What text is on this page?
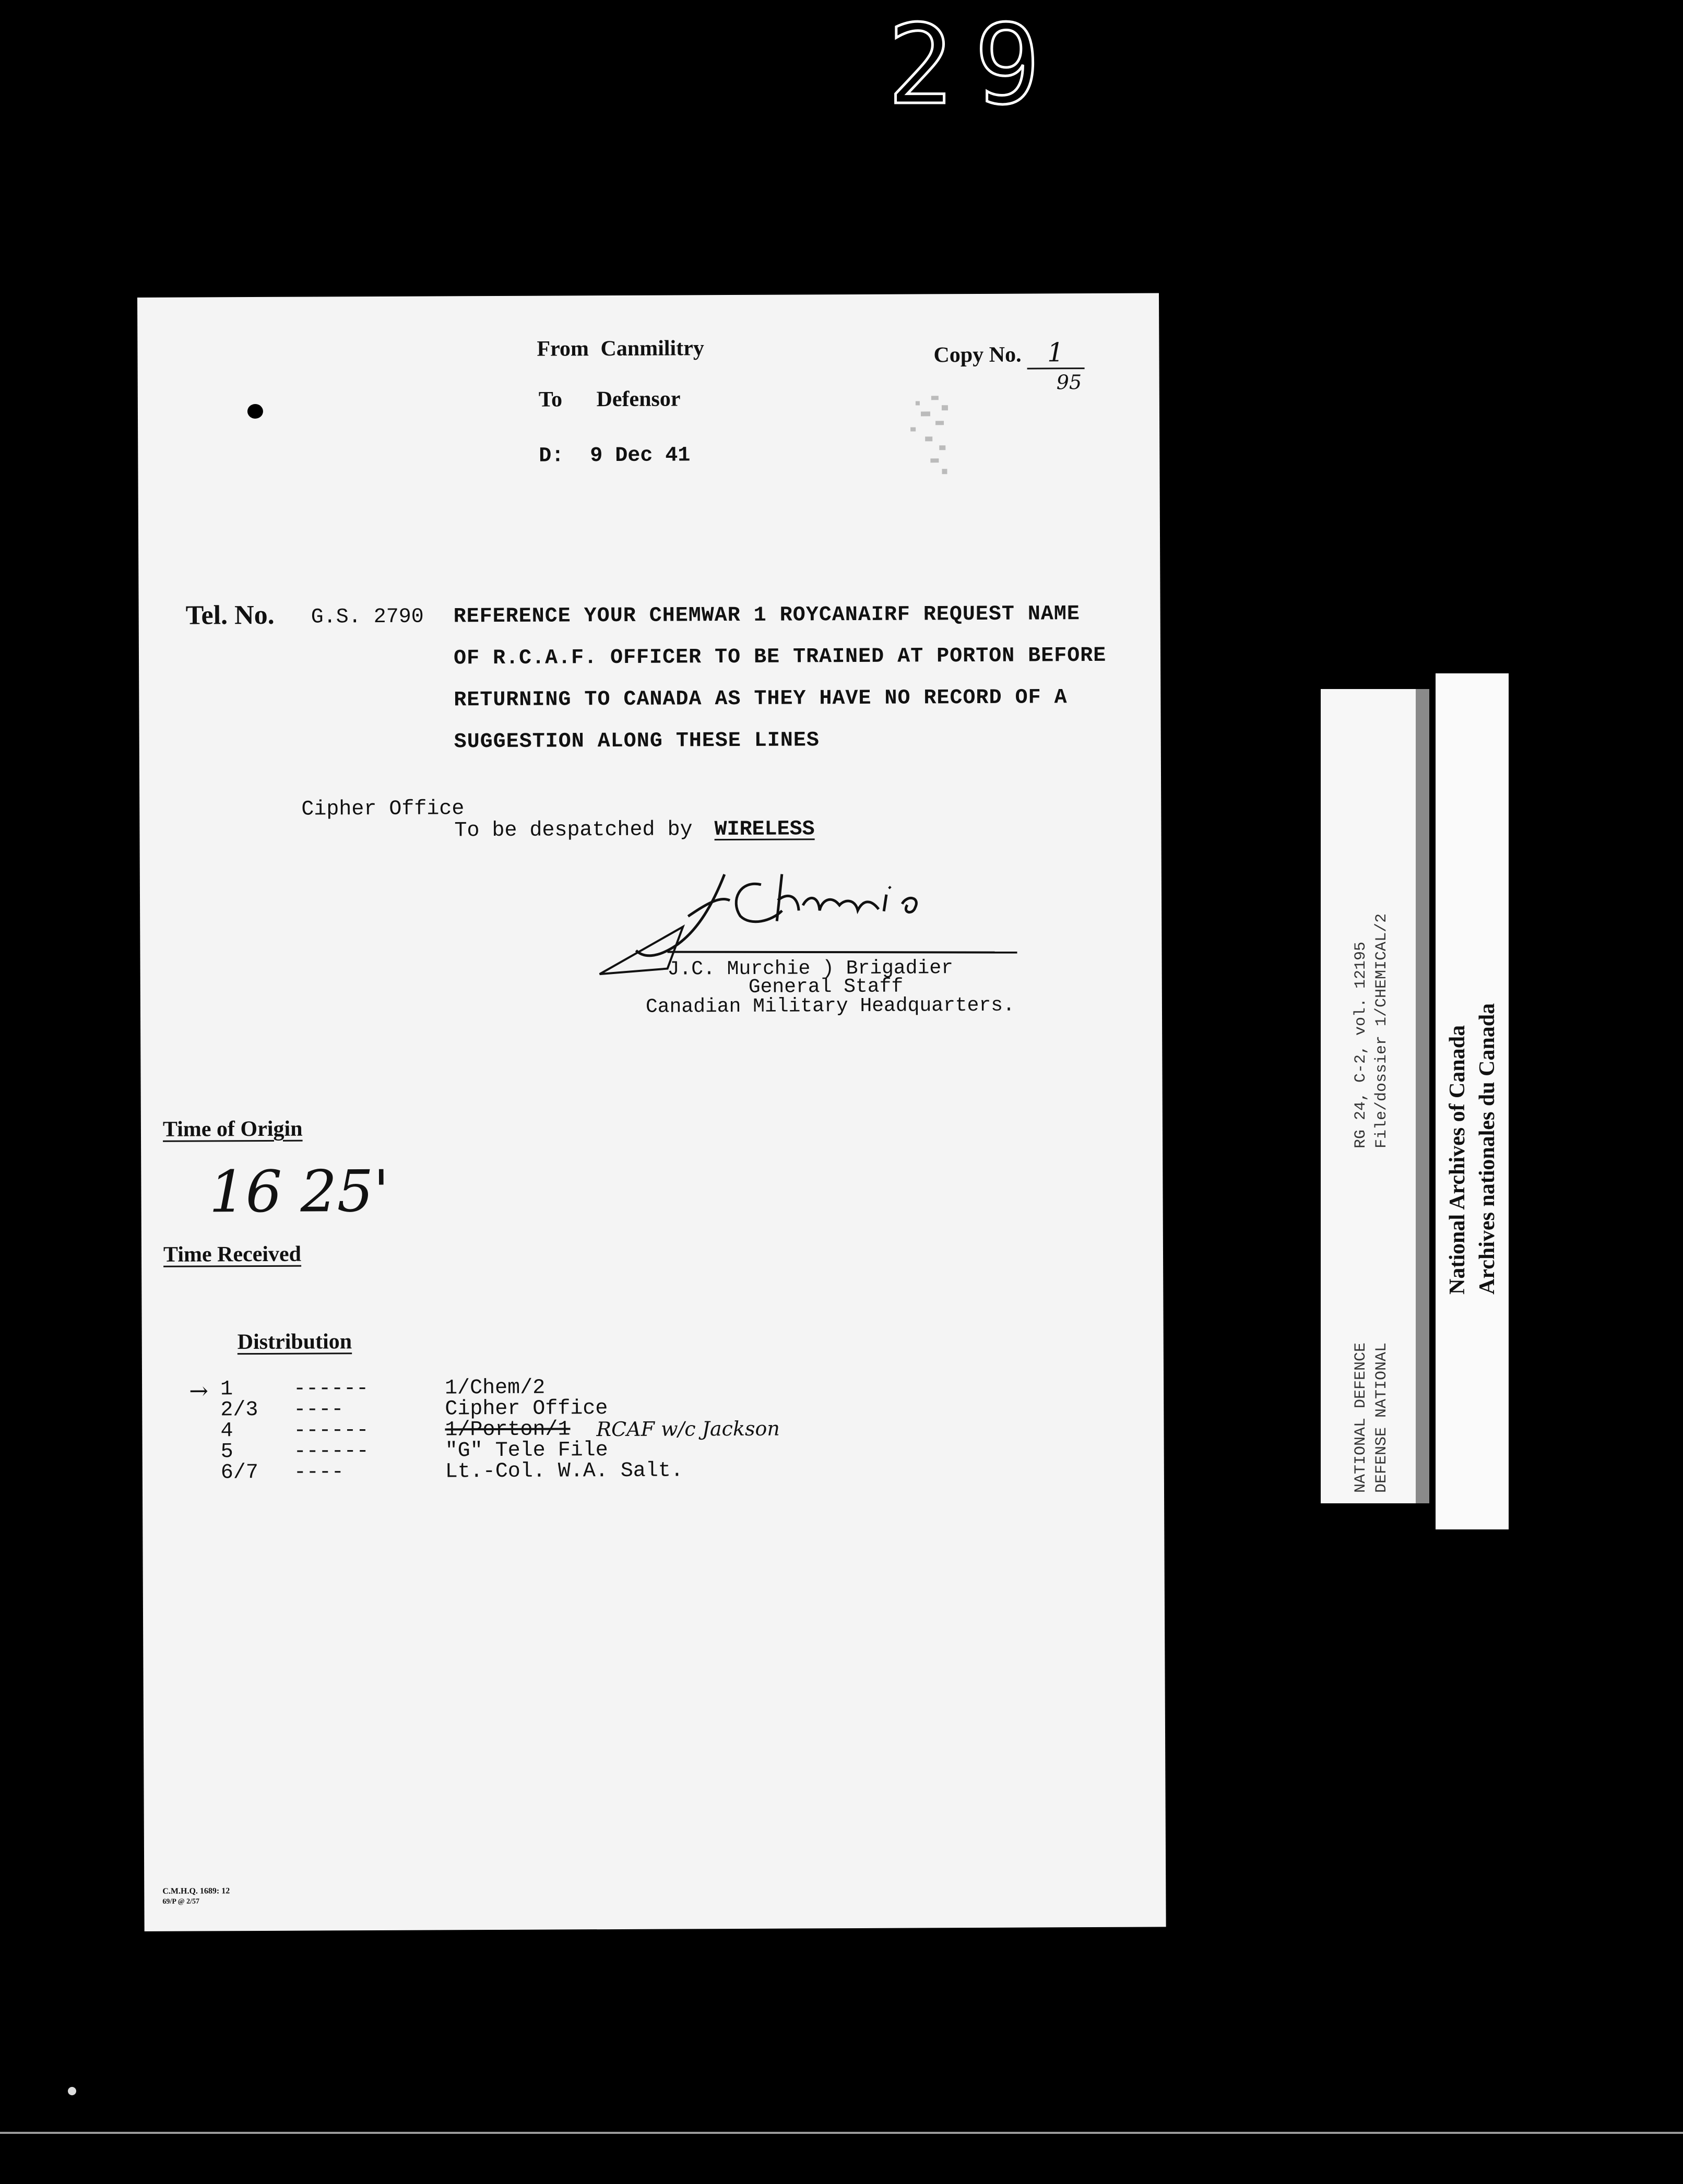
29
From Canmilitry
To Defensor
D: 9 Dec 41
Copy No. 1
95
Tel. No. G.S. 2790 REFERENCE YOUR CHEMWAR 1 ROYCANAIRF REQUEST NAME
OF R.C.A.F. OFFICER TO BE TRAINED AT PORTON BEFORE
RETURNING TO CANADA AS THEY HAVE NO RECORD OF A
SUGGESTION ALONG THESE LINES
Cipher Office
To be despatched by WIRELESS
J.C. Murchie ) Brigadier
General Staff
Canadian Military Headquarters.
Time of Origin
16 25'
Time Received
Distribution
→ 1	------	1/Chem/2
2/3 ----	Cipher Office
4	------	1/Porton/1 RCAF w/c Jackson
5	------	"G" Tele File
6/7 ----	Lt.-Col. W.A. Salt.
C.M.H.Q. 1689: 12
69/P @ 2/57
RG 24, C-2, vol. 12195 File/dossier 1/CHEMICAL/2
NATIONAL DEFENCE DEFENSE NATIONAL
National Archives of Canada Archives nationales du Canada
